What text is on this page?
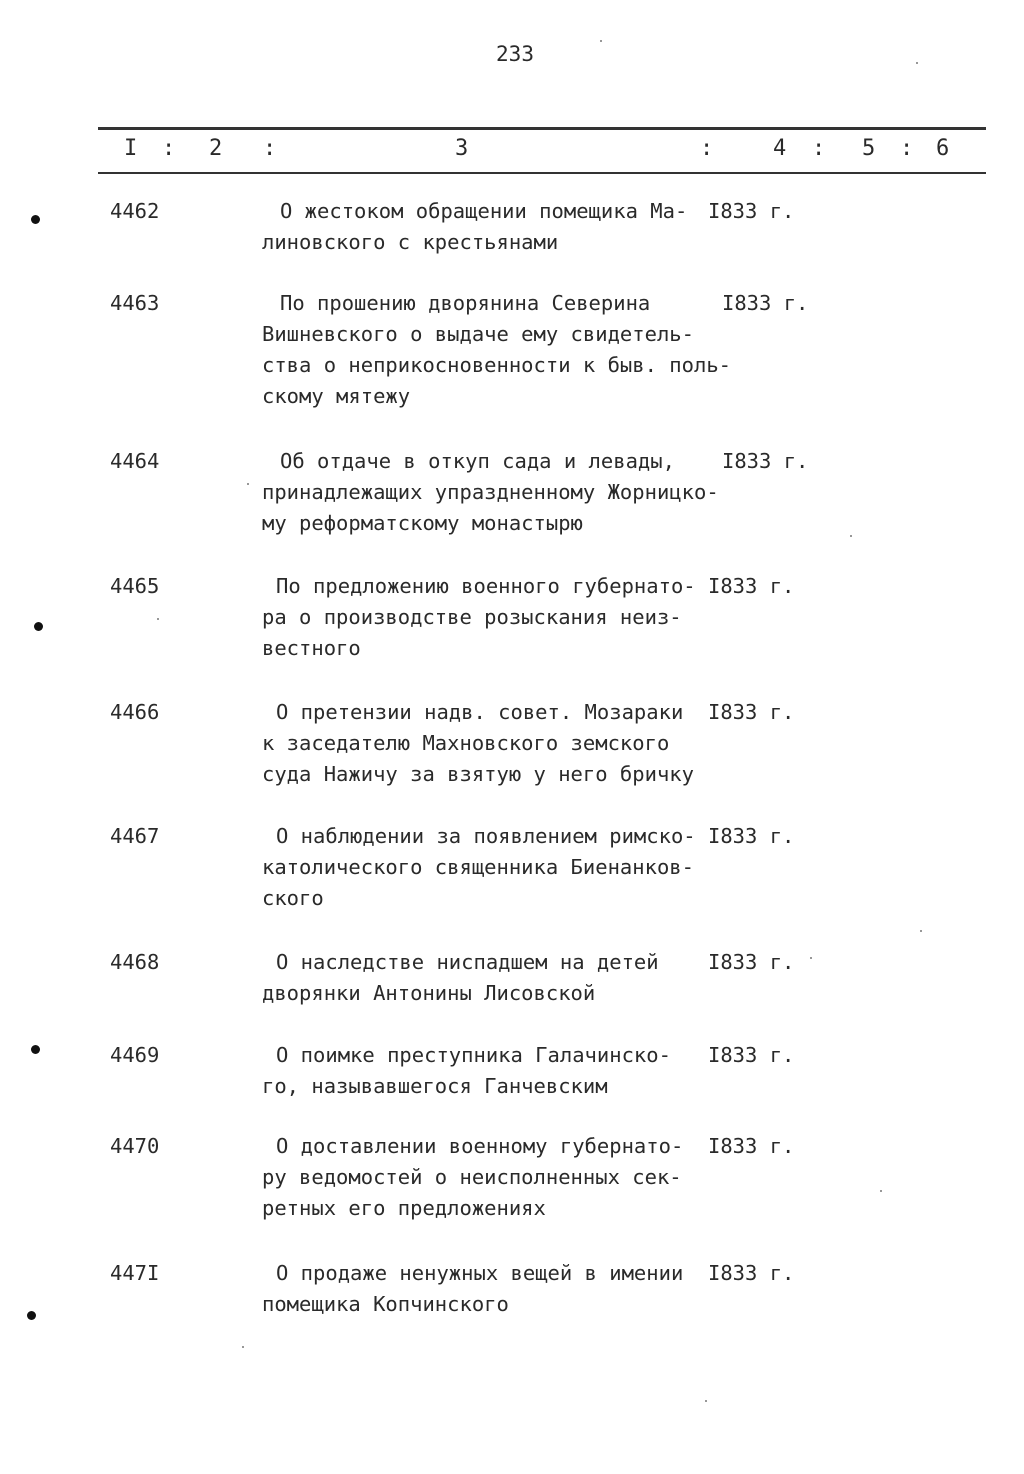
233
I : 2 :	3	:	4 : 5 : 6
4462	О жестоком обращении помещика Ма-
линовского с крестьянами
I833 г.
4463	По прошению дворянина Северина
Вишневского о выдаче ему свидетель-
ства о неприкосновенности к быв. поль-
скому мятежу
I833 г.
4464	Об отдаче в откуп сада и левады,
принадлежащих упраздненному Жорницко-
му реформатскому монастырю
I833 г.
4465	По предложению военного губернато-
ра о производстве розыскания неиз-
вестного
I833 г.
4466	О претензии надв. совет. Мозараки
к заседателю Махновского земского
суда Нажичу за взятую у него бричку
I833 г.
4467	О наблюдении за появлением римско-
католического священника Биенанков-
ского
I833 г.
4468	О наследстве ниспадшем на детей
дворянки Антонины Лисовской
I833 г.
4469	О поимке преступника Галачинско-
го, называвшегося Ганчевским
I833 г.
4470	О доставлении военному губернато-
ру ведомостей о неисполненных сек-
ретных его предложениях
I833 г.
447I	О продаже ненужных вещей в имении
помещика Копчинского
I833 г.
